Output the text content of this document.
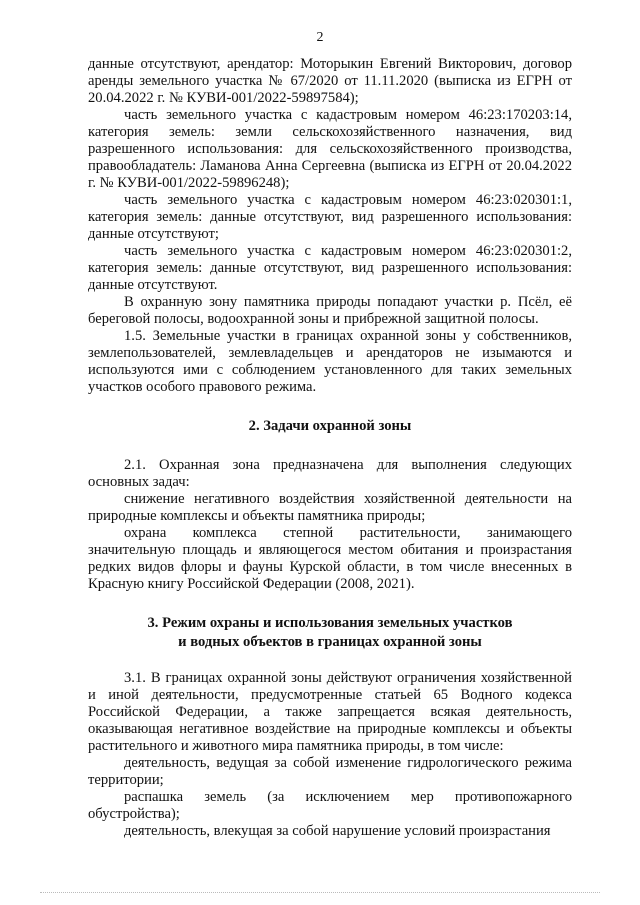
2

данные отсутствуют, арендатор: Моторыкин Евгений Викторович, договор аренды земельного участка № 67/2020 от 11.11.2020 (выписка из ЕГРН от 20.04.2022 г. № КУВИ-001/2022-59897584);

часть земельного участка с кадастровым номером 46:23:170203:14, категория земель: земли сельскохозяйственного назначения, вид разрешенного использования: для сельскохозяйственного производства, правообладатель: Ламанова Анна Сергеевна (выписка из ЕГРН от 20.04.2022 г. № КУВИ-001/2022-59896248);

часть земельного участка с кадастровым номером 46:23:020301:1, категория земель: данные отсутствуют, вид разрешенного использования: данные отсутствуют;

часть земельного участка с кадастровым номером 46:23:020301:2, категория земель: данные отсутствуют, вид разрешенного использования: данные отсутствуют.

В охранную зону памятника природы попадают участки р. Псёл, её береговой полосы, водоохранной зоны и прибрежной защитной полосы.

1.5. Земельные участки в границах охранной зоны у собственников, землепользователей, землевладельцев и арендаторов не изымаются и используются ими с соблюдением установленного для таких земельных участков особого правового режима.

2. Задачи охранной зоны

2.1. Охранная зона предназначена для выполнения следующих основных задач:

снижение негативного воздействия хозяйственной деятельности на природные комплексы и объекты памятника природы;

охрана комплекса степной растительности, занимающего значительную площадь и являющегося местом обитания и произрастания редких видов флоры и фауны Курской области, в том числе внесенных в Красную книгу Российской Федерации (2008, 2021).

3. Режим охраны и использования земельных участков
и водных объектов в границах охранной зоны

3.1. В границах охранной зоны действуют ограничения хозяйственной и иной деятельности, предусмотренные статьей 65 Водного кодекса Российской Федерации, а также запрещается всякая деятельность, оказывающая негативное воздействие на природные комплексы и объекты растительного и животного мира памятника природы, в том числе:

деятельность, ведущая за собой изменение гидрологического режима территории;

распашка земель (за исключением мер противопожарного обустройства);

деятельность, влекущая за собой нарушение условий произрастания
